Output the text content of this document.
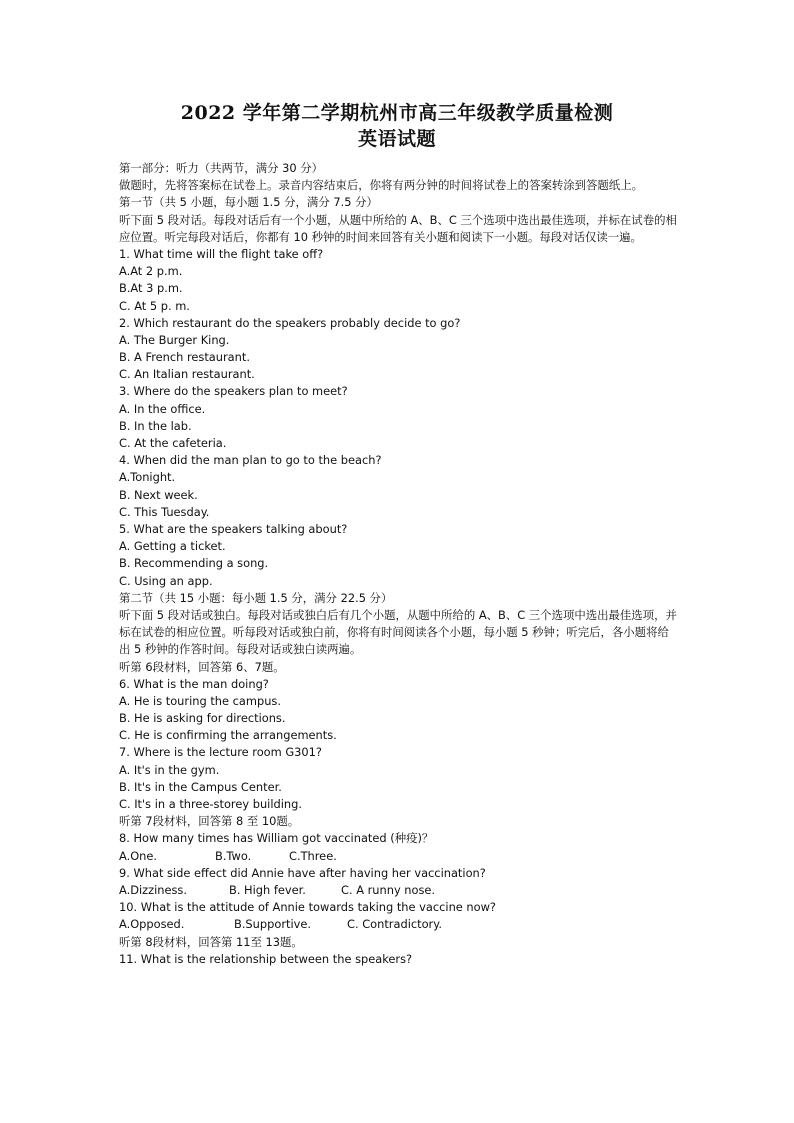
2022 学年第二学期杭州市高三年级教学质量检测
英语试题
第一部分：听力（共两节，满分 30 分）
做题时，先将答案标在试卷上。录音内容结束后，你将有两分钟的时间将试卷上的答案转涂到答题纸上。
第一节（共 5 小题，每小题 1.5 分，满分 7.5 分）
听下面 5 段对话。每段对话后有一个小题，从题中所给的 A、B、C 三个选项中选出最佳选项，并标在试卷的相应位置。听完每段对话后，你都有 10 秒钟的时间来回答有关小题和阅读下一小题。每段对话仅读一遍。
1. What time will the flight take off?
A.At 2 p.m.
B.At 3 p.m.
C. At 5 p. m.
2. Which restaurant do the speakers probably decide to go?
A. The Burger King.
B. A French restaurant.
C. An Italian restaurant.
3. Where do the speakers plan to meet?
A. In the office.
B. In the lab.
C. At the cafeteria.
4. When did the man plan to go to the beach?
A.Tonight.
B. Next week.
C. This Tuesday.
5. What are the speakers talking about?
A. Getting a ticket.
B. Recommending a song.
C. Using an app.
第二节（共 15 小题：每小题 1.5 分，满分 22.5 分）
听下面 5 段对话或独白。每段对话或独白后有几个小题，从题中所给的 A、B、C 三个选项中选出最佳选项，并标在试卷的相应位置。听每段对话或独白前，你将有时间阅读各个小题，每小题 5 秒钟；听完后，各小题将给出 5 秒钟的作答时间。每段对话或独白读两遍。
听第 6段材料，回答第 6、7题。
6. What is the man doing?
A. He is touring the campus.
B. He is asking for directions.
C. He is confirming the arrangements.
7. Where is the lecture room G301?
A. It's in the gym.
B. It's in the Campus Center.
C. It's in a three-storey building.
听第 7段材料，回答第 8 至 10题。
8. How many times has William got vaccinated (种疫)？
A.One.	B.Two.	C.Three.
9. What side effect did Annie have after having her vaccination?
A.Dizziness.	B. High fever.	C. A runny nose.
10. What is the attitude of Annie towards taking the vaccine now?
A.Opposed.	B.Supportive.	C. Contradictory.
听第 8段材料，回答第 11至 13题。
11. What is the relationship between the speakers?
